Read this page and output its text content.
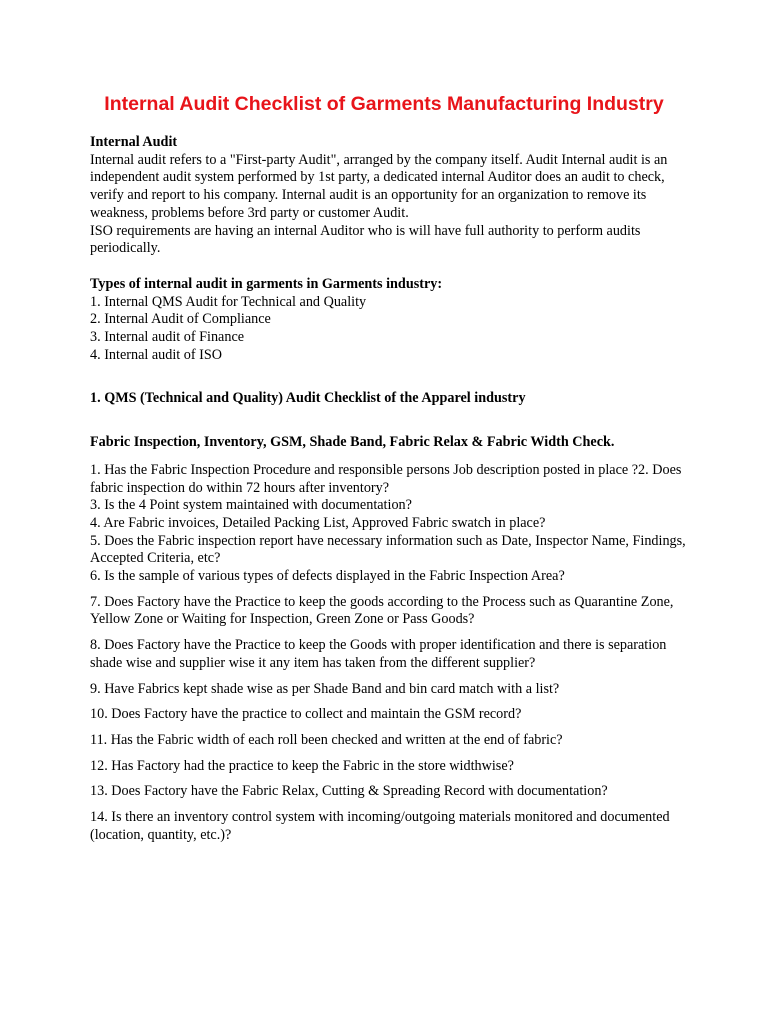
Internal Audit Checklist of Garments Manufacturing Industry

Internal Audit

Internal audit refers to a "First-party Audit", arranged by the company itself. Audit Internal audit is an independent audit system performed by 1st party, a dedicated internal Auditor does an audit to check, verify and report to his company. Internal audit is an opportunity for an organization to remove its weakness, problems before 3rd party or customer Audit.

ISO requirements are having an internal Auditor who is will have full authority to perform audits periodically.

Types of internal audit in garments in Garments industry:

1. Internal QMS Audit for Technical and Quality
2. Internal Audit of Compliance
3. Internal audit of Finance
4. Internal audit of ISO

1. QMS (Technical and Quality) Audit Checklist of the Apparel industry

Fabric Inspection, Inventory, GSM, Shade Band, Fabric Relax & Fabric Width Check.

1. Has the Fabric Inspection Procedure and responsible persons Job description posted in place ?2. Does fabric inspection do within 72 hours after inventory?
3. Is the 4 Point system maintained with documentation?
4. Are Fabric invoices, Detailed Packing List, Approved Fabric swatch in place?
5. Does the Fabric inspection report have necessary information such as Date, Inspector Name, Findings, Accepted Criteria, etc?
6. Is the sample of various types of defects displayed in the Fabric Inspection Area?

7. Does Factory have the Practice to keep the goods according to the Process such as Quarantine Zone, Yellow Zone or Waiting for Inspection, Green Zone or Pass Goods?

8. Does Factory have the Practice to keep the Goods with proper identification and there is separation shade wise and supplier wise it any item has taken from the different supplier?

9. Have Fabrics kept shade wise as per Shade Band and bin card match with a list?

10. Does Factory have the practice to collect and maintain the GSM record?

11. Has the Fabric width of each roll been checked and written at the end of fabric?

12. Has Factory had the practice to keep the Fabric in the store widthwise?

13. Does Factory have the Fabric Relax, Cutting & Spreading Record with documentation?

14. Is there an inventory control system with incoming/outgoing materials monitored and documented (location, quantity, etc.)?
